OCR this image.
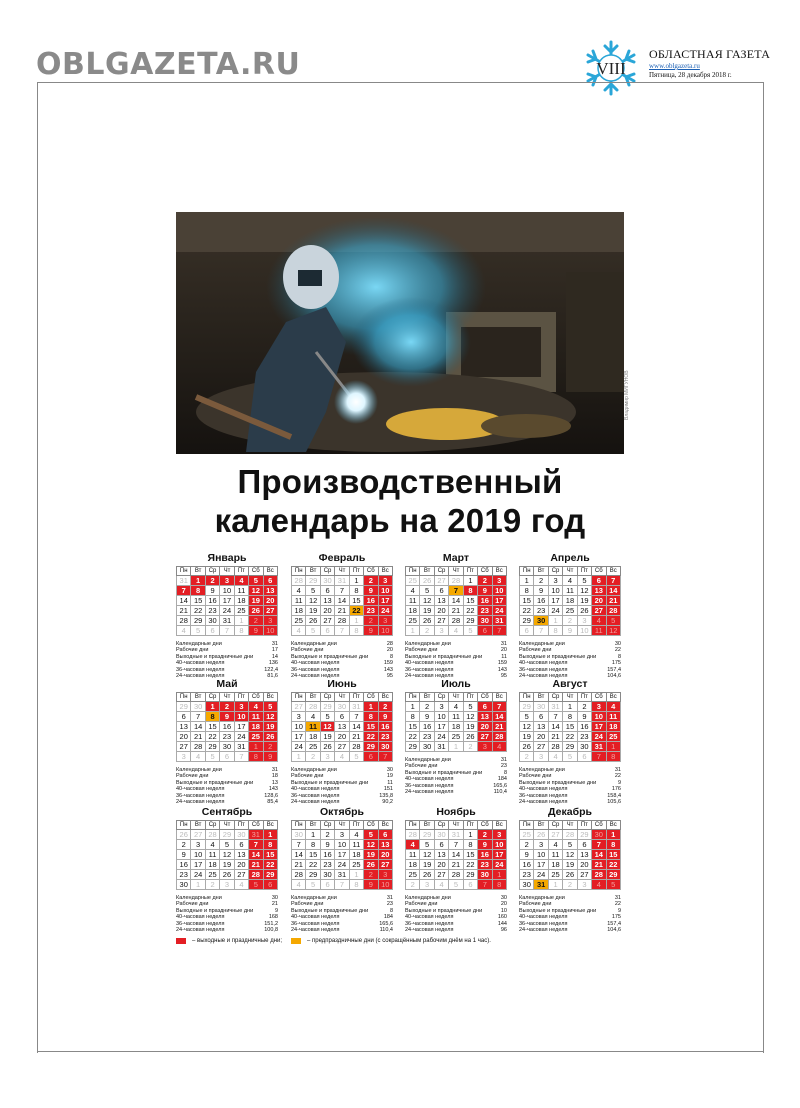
OBLGAZETA.RU	VIII
ОБЛАСТНАЯ ГАЗЕТА
www.oblgazeta.ru
Пятница, 28 декабря 2018 г.
Владимир МИГУНОВ
Производственный
календарь на 2019 год
Январь
Пн	Вт	Ср	Чт	Пт	Сб	Вс
31	1	2	3	4	5	6
7	8	9	10	11	12	13
14	15	16	17	18	19	20
21	22	23	24	25	26	27
28	29	30	31	1	2	3
4	5	6	7	8	9	10
Календарные дни	31
Рабочие дни	17
Выходные и праздничные дни	14
40-часовая неделя	136
36-часовая неделя	122,4
24-часовая неделя	81,6
Февраль
Пн	Вт	Ср	Чт	Пт	Сб	Вс
28	29	30	31	1	2	3
4	5	6	7	8	9	10
11	12	13	14	15	16	17
18	19	20	21	22	23	24
25	26	27	28	1	2	3
4	5	6	7	8	9	10
Календарные дни	28
Рабочие дни	20
Выходные и праздничные дни	8
40-часовая неделя	159
36-часовая неделя	143
24-часовая неделя	95
Март
Пн	Вт	Ср	Чт	Пт	Сб	Вс
25	26	27	28	1	2	3
4	5	6	7	8	9	10
11	12	13	14	15	16	17
18	19	20	21	22	23	24
25	26	27	28	29	30	31
1	2	3	4	5	6	7
Календарные дни	31
Рабочие дни	20
Выходные и праздничные дни	11
40-часовая неделя	159
36-часовая неделя	143
24-часовая неделя	95
Апрель
Пн	Вт	Ср	Чт	Пт	Сб	Вс
1	2	3	4	5	6	7
8	9	10	11	12	13	14
15	16	17	18	19	20	21
22	23	24	25	26	27	28
29	30	1	2	3	4	5
6	7	8	9	10	11	12
Календарные дни	30
Рабочие дни	22
Выходные и праздничные дни	8
40-часовая неделя	175
36-часовая неделя	157,4
24-часовая неделя	104,6
Май
Пн	Вт	Ср	Чт	Пт	Сб	Вс
29	30	1	2	3	4	5
6	7	8	9	10	11	12
13	14	15	16	17	18	19
20	21	22	23	24	25	26
27	28	29	30	31	1	2
3	4	5	6	7	8	9
Календарные дни	31
Рабочие дни	18
Выходные и праздничные дни	13
40-часовая неделя	143
36-часовая неделя	128,6
24-часовая неделя	85,4
Июнь
Пн	Вт	Ср	Чт	Пт	Сб	Вс
27	28	29	30	31	1	2
3	4	5	6	7	8	9
10	11	12	13	14	15	16
17	18	19	20	21	22	23
24	25	26	27	28	29	30
1	2	3	4	5	6	7
Календарные дни	30
Рабочие дни	19
Выходные и праздничные дни	11
40-часовая неделя	151
36-часовая неделя	135,8
24-часовая неделя	90,2
Июль
Пн	Вт	Ср	Чт	Пт	Сб	Вс
1	2	3	4	5	6	7
8	9	10	11	12	13	14
15	16	17	18	19	20	21
22	23	24	25	26	27	28
29	30	31	1	2	3	4
Календарные дни	31
Рабочие дни	23
Выходные и праздничные дни	8
40-часовая неделя	184
36-часовая неделя	165,6
24-часовая неделя	110,4
Август
Пн	Вт	Ср	Чт	Пт	Сб	Вс
29	30	31	1	2	3	4
5	6	7	8	9	10	11
12	13	14	15	16	17	18
19	20	21	22	23	24	25
26	27	28	29	30	31	1
2	3	4	5	6	7	8
Календарные дни	31
Рабочие дни	22
Выходные и праздничные дни	9
40-часовая неделя	176
36-часовая неделя	158,4
24-часовая неделя	105,6
Сентябрь
Пн	Вт	Ср	Чт	Пт	Сб	Вс
26	27	28	29	30	31	1
2	3	4	5	6	7	8
9	10	11	12	13	14	15
16	17	18	19	20	21	22
23	24	25	26	27	28	29
30	1	2	3	4	5	6
Календарные дни	30
Рабочие дни	21
Выходные и праздничные дни	9
40-часовая неделя	168
36-часовая неделя	151,2
24-часовая неделя	100,8
Октябрь
Пн	Вт	Ср	Чт	Пт	Сб	Вс
30	1	2	3	4	5	6
7	8	9	10	11	12	13
14	15	16	17	18	19	20
21	22	23	24	25	26	27
28	29	30	31	1	2	3
4	5	6	7	8	9	10
Календарные дни	31
Рабочие дни	23
Выходные и праздничные дни	8
40-часовая неделя	184
36-часовая неделя	165,6
24-часовая неделя	110,4
Ноябрь
Пн	Вт	Ср	Чт	Пт	Сб	Вс
28	29	30	31	1	2	3
4	5	6	7	8	9	10
11	12	13	14	15	16	17
18	19	20	21	22	23	24
25	26	27	28	29	30	1
2	3	4	5	6	7	8
Календарные дни	30
Рабочие дни	20
Выходные и праздничные дни	10
40-часовая неделя	160
36-часовая неделя	144
24-часовая неделя	96
Декабрь
Пн	Вт	Ср	Чт	Пт	Сб	Вс
25	26	27	28	29	30	1
2	3	4	5	6	7	8
9	10	11	12	13	14	15
16	17	18	19	20	21	22
23	24	25	26	27	28	29
30	31	1	2	3	4	5
Календарные дни	31
Рабочие дни	22
Выходные и праздничные дни	9
40-часовая неделя	175
36-часовая неделя	157,4
24-часовая неделя	104,6
– выходные и праздничные дни;	– предпраздничные дни (с сокращённым рабочим днём на 1 час).
